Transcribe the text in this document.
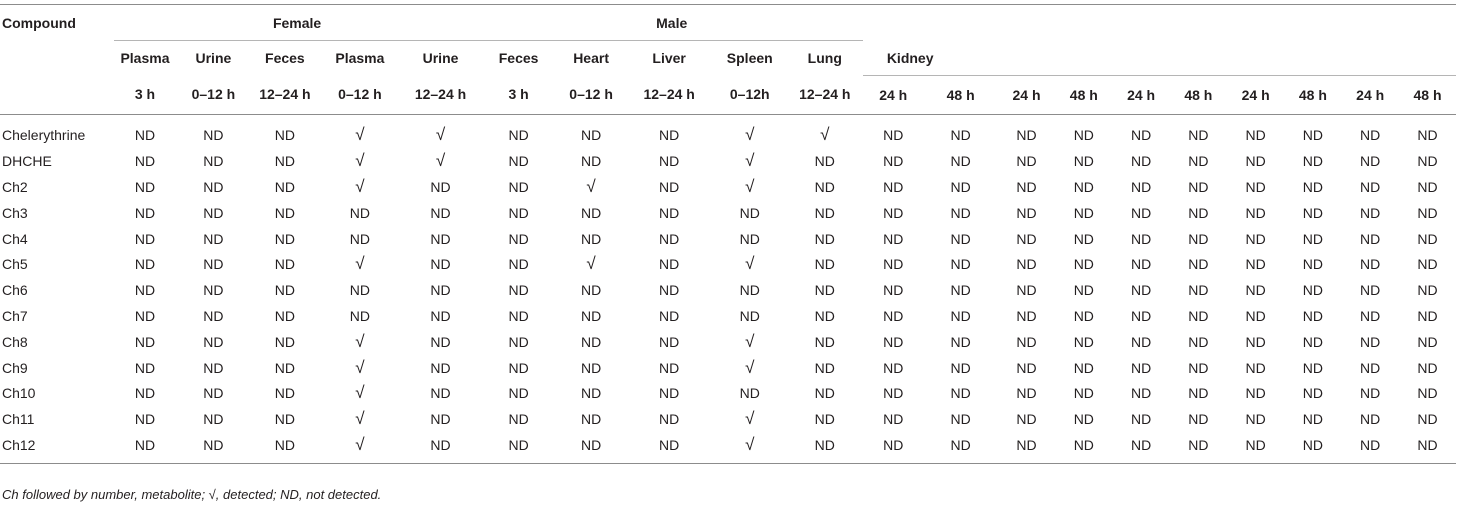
Compound	Female					Male														
	Plasma	Urine	Feces	Plasma	Urine	Feces	Heart	Liver	Spleen	Lung	Kidney									
	3 h	0–12 h	12–24 h	0–12 h	12–24 h	3 h	0–12 h	12–24 h	0–12h	12–24 h	24 h	48 h	24 h	48 h	24 h	48 h	24 h	48 h	24 h	48 h
Chelerythrine	ND	ND	ND	√	√	ND	ND	ND	√	√	ND	ND	ND	ND	ND	ND	ND	ND	ND	ND
DHCHE	ND	ND	ND	√	√	ND	ND	ND	√	ND	ND	ND	ND	ND	ND	ND	ND	ND	ND	ND
Ch2	ND	ND	ND	√	ND	ND	√	ND	√	ND	ND	ND	ND	ND	ND	ND	ND	ND	ND	ND
Ch3	ND	ND	ND	ND	ND	ND	ND	ND	ND	ND	ND	ND	ND	ND	ND	ND	ND	ND	ND	ND
Ch4	ND	ND	ND	ND	ND	ND	ND	ND	ND	ND	ND	ND	ND	ND	ND	ND	ND	ND	ND	ND
Ch5	ND	ND	ND	√	ND	ND	√	ND	√	ND	ND	ND	ND	ND	ND	ND	ND	ND	ND	ND
Ch6	ND	ND	ND	ND	ND	ND	ND	ND	ND	ND	ND	ND	ND	ND	ND	ND	ND	ND	ND	ND
Ch7	ND	ND	ND	ND	ND	ND	ND	ND	ND	ND	ND	ND	ND	ND	ND	ND	ND	ND	ND	ND
Ch8	ND	ND	ND	√	ND	ND	ND	ND	√	ND	ND	ND	ND	ND	ND	ND	ND	ND	ND	ND
Ch9	ND	ND	ND	√	ND	ND	ND	ND	√	ND	ND	ND	ND	ND	ND	ND	ND	ND	ND	ND
Ch10	ND	ND	ND	√	ND	ND	ND	ND	ND	ND	ND	ND	ND	ND	ND	ND	ND	ND	ND	ND
Ch11	ND	ND	ND	√	ND	ND	ND	ND	√	ND	ND	ND	ND	ND	ND	ND	ND	ND	ND	ND
Ch12	ND	ND	ND	√	ND	ND	ND	ND	√	ND	ND	ND	ND	ND	ND	ND	ND	ND	ND	ND
Ch followed by number, metabolite; √, detected; ND, not detected.
